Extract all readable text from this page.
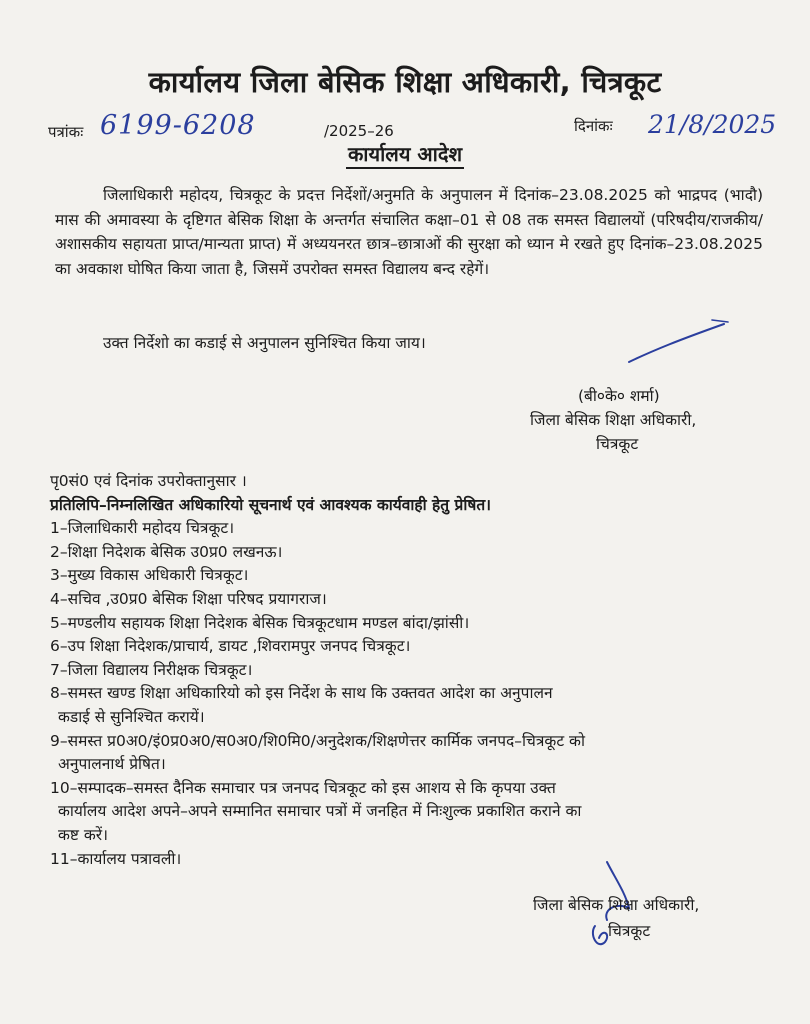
कार्यालय जिला बेसिक शिक्षा अधिकारी, चित्रकूट
पत्रांकः 6199-6208	/2025–26	दिनांकः 21/8/2025
कार्यालय आदेश
जिलाधिकारी महोदय, चित्रकूट के प्रदत्त निर्देशों/अनुमति के अनुपालन में दिनांक–23.08.2025 को भाद्रपद (भादौ) मास की अमावस्या के दृष्टिगत बेसिक शिक्षा के अन्तर्गत संचालित कक्षा–01 से 08 तक समस्त विद्यालयों (परिषदीय/राजकीय/अशासकीय सहायता प्राप्त/मान्यता प्राप्त) में अध्ययनरत छात्र–छात्राओं की सुरक्षा को ध्यान मे रखते हुए दिनांक–23.08.2025 का अवकाश घोषित किया जाता है, जिसमें उपरोक्त समस्त विद्यालय बन्द रहेगें।
उक्त निर्देशो का कडाई से अनुपालन सुनिश्चित किया जाय।
(बी०के० शर्मा)
जिला बेसिक शिक्षा अधिकारी,
चित्रकूट
पृ0सं0 एवं दिनांक उपरोक्तानुसार ।
प्रतिलिपि–निम्नलिखित अधिकारियो सूचनार्थ एवं आवश्यक कार्यवाही हेतु प्रेषित।
1–जिलाधिकारी महोदय चित्रकूट।
2–शिक्षा निदेशक बेसिक उ0प्र0 लखनऊ।
3–मुख्य विकास अधिकारी चित्रकूट।
4–सचिव ,उ0प्र0 बेसिक शिक्षा परिषद प्रयागराज।
5–मण्डलीय सहायक शिक्षा निदेशक बेसिक चित्रकूटधाम मण्डल बांदा/झांसी।
6–उप शिक्षा निदेशक/प्राचार्य, डायट ,शिवरामपुर जनपद चित्रकूट।
7–जिला विद्यालय निरीक्षक चित्रकूट।
8–समस्त खण्ड शिक्षा अधिकारियो को इस निर्देश के साथ कि उक्तवत आदेश का अनुपालन
कडाई से सुनिश्चित करायें।
9–समस्त प्र0अ0/इं0प्र0अ0/स0अ0/शि0मि0/अनुदेशक/शिक्षणेत्तर कार्मिक जनपद–चित्रकूट को
अनुपालनार्थ प्रेषित।
10–सम्पादक–समस्त दैनिक समाचार पत्र जनपद चित्रकूट को इस आशय से कि कृपया उक्त
कार्यालय आदेश अपने–अपने सम्मानित समाचार पत्रों में जनहित में निःशुल्क प्रकाशित कराने का
कष्ट करें।
11–कार्यालय पत्रावली।
जिला बेसिक शिक्षा अधिकारी,
चित्रकूट
